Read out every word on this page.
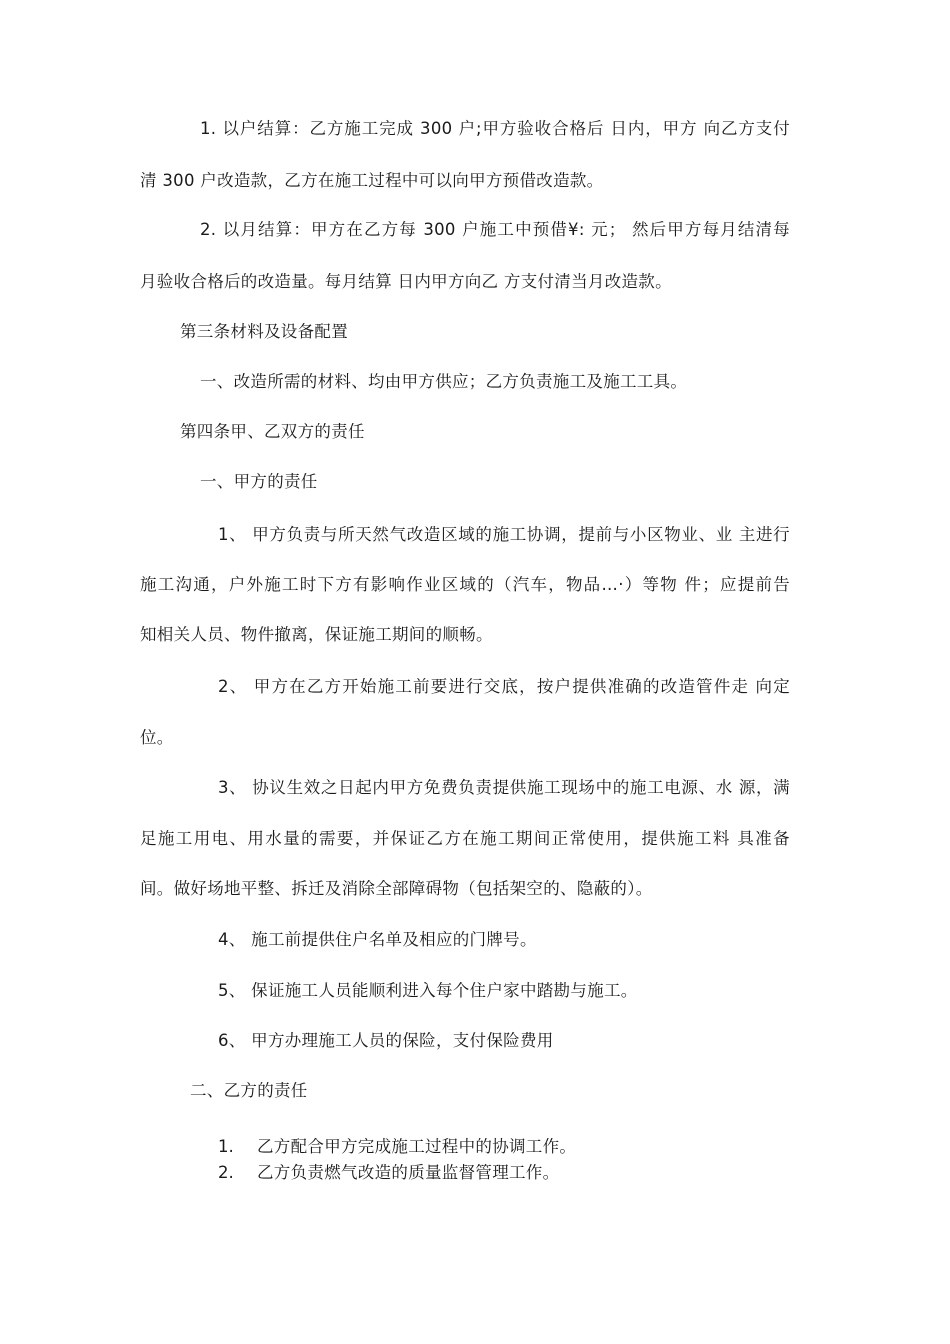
1. 以户结算：乙方施工完成 300 户;甲方验收合格后 日内，甲方 向乙方支付
清 300 户改造款，乙方在施工过程中可以向甲方预借改造款。
2. 以月结算：甲方在乙方每 300 户施工中预借¥: 元； 然后甲方每月结清每
月验收合格后的改造量。每月结算 日内甲方向乙 方支付清当月改造款。
第三条材料及设备配置
一、改造所需的材料、均由甲方供应；乙方负责施工及施工工具。
第四条甲、乙双方的责任
一、甲方的责任
1、 甲方负责与所天然气改造区域的施工协调，提前与小区物业、业 主进行
施工沟通，户外施工时下方有影响作业区域的（汽车，物品…·）等物 件；应提前告
知相关人员、物件撤离，保证施工期间的顺畅。
2、 甲方在乙方开始施工前要进行交底，按户提供准确的改造管件走 向定
位。
3、 协议生效之日起内甲方免费负责提供施工现场中的施工电源、水 源，满
足施工用电、用水量的需要，并保证乙方在施工期间正常使用，提供施工料 具准备
间。做好场地平整、拆迁及消除全部障碍物（包括架空的、隐蔽的）。
4、 施工前提供住户名单及相应的门牌号。
5、 保证施工人员能顺利进入每个住户家中踏勘与施工。
6、 甲方办理施工人员的保险，支付保险费用
二、乙方的责任
1. 乙方配合甲方完成施工过程中的协调工作。
2. 乙方负责燃气改造的质量监督管理工作。
